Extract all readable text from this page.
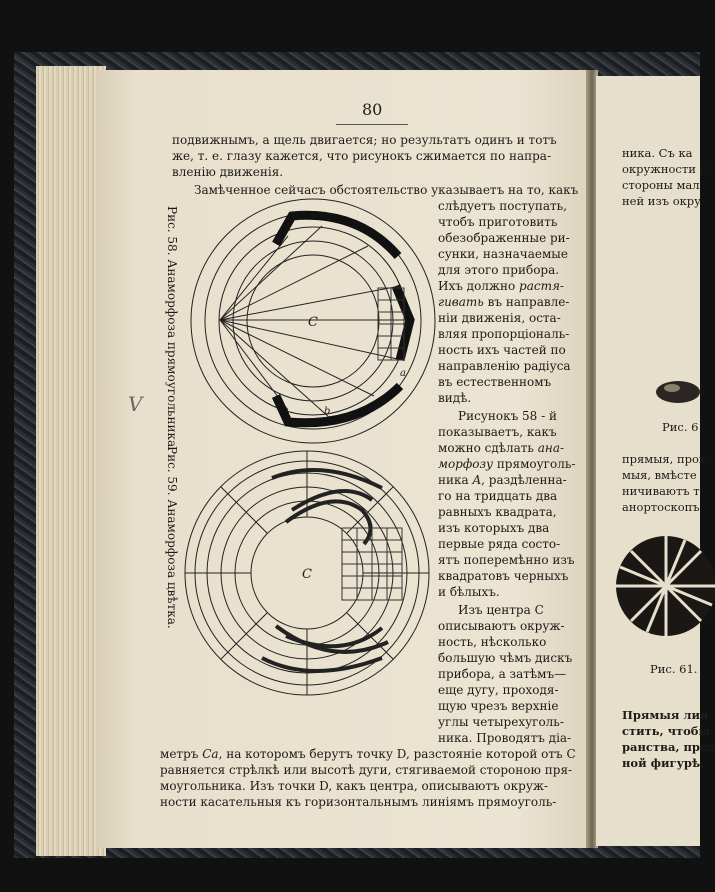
ника. Съ ка
окружности с
стороны мал
ней изъ окру
Рис. 6
прямыя, прох
мыя, вмѣсте
ничиваютъ т
анортоскопъ
Рис. 61.
Прямыя лин
стить, чтобы
ранства, пред
ной фигурѣ,
80
подвижнымъ, а щель двигается; но результатъ одинъ и тотъ
же, т. е. глазу кажется, что рисунокъ сжимается по напра-
вленію движенія.
Замѣченное сейчасъ обстоятельство указываетъ на то, какъ
слѣдуетъ поступать,
чтобъ приготовить
обезображенные ри-
сунки, назначаемые
для этого прибора.
Ихъ должно растя-
гивать въ направле-
ніи движенія, оста-
вляя пропорціональ-
ность ихъ частей по
направленію радіуса
въ естественномъ
видѣ.
Рисунокъ 58 - й
показываетъ, какъ
можно сдѣлать ана-
морфозу прямоуголь-
ника A, раздѣленна-
го на тридцать два
равныхъ квадрата,
изъ которыхъ два
первые ряда состо-
ятъ поперемѣнно изъ
квадратовъ черныхъ
и бѣлыхъ.
Изъ центра C
описываютъ окруж-
ность, нѣсколько
большую чѣмъ дискъ
прибора, а затѣмъ—
еще дугу, проходя-
щую чрезъ верхніе
углы четырехуголь-
ника. Проводятъ діа-
метръ Ca, на которомъ берутъ точку D, разстояніе которой отъ C
равняется стрѣлкѣ или высотѣ дуги, стягиваемой стороною пря-
моугольника. Изъ точки D, какъ центра, описываютъ окруж-
ности касательныя къ горизонтальнымъ линіямъ прямоуголь-
Рис. 58. Анаморфоза прямоугольника.
Рис. 59. Анаморфоза цвѣтка.
V
C
a
b
C
